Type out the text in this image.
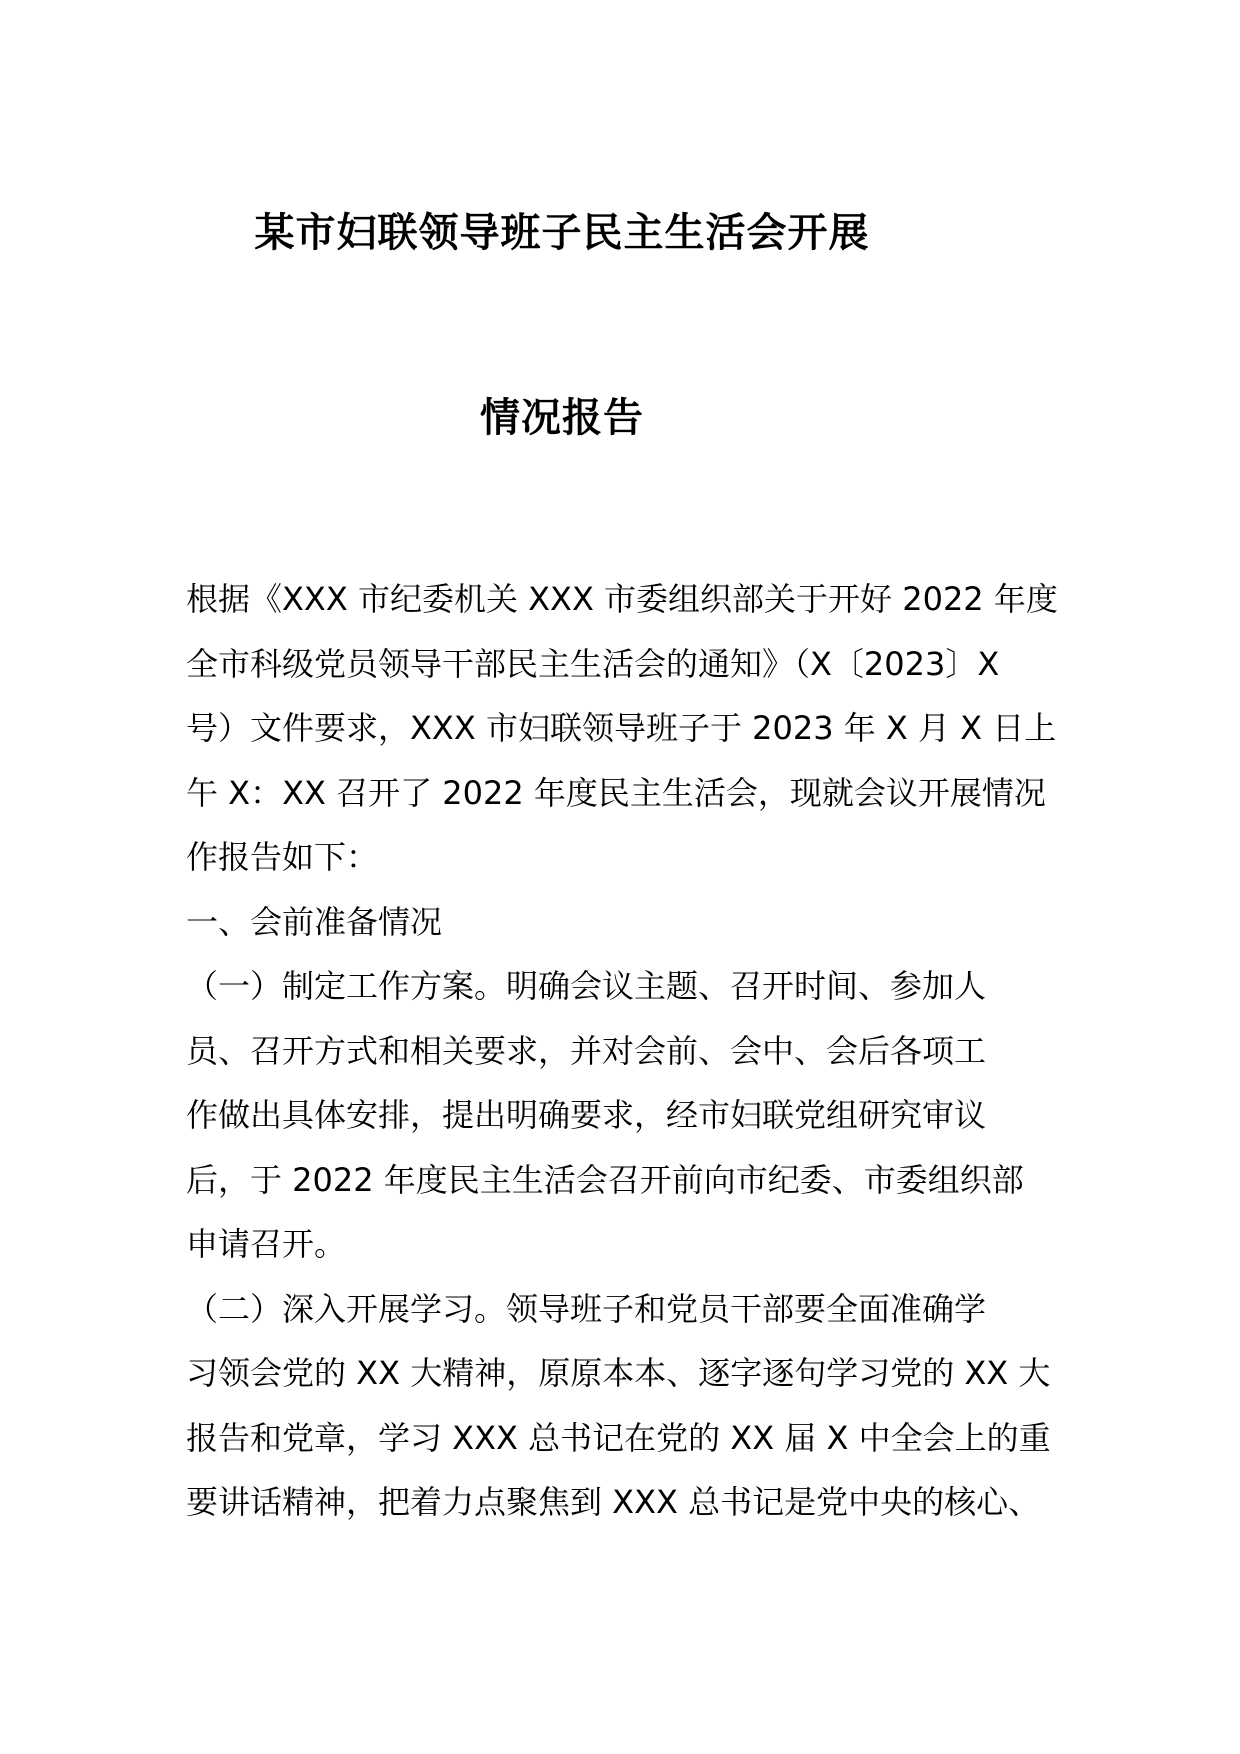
某市妇联领导班子民主生活会开展
情况报告
根据《XXX 市纪委机关 XXX 市委组织部关于开好 2022 年度
全市科级党员领导干部民主生活会的通知》（X〔2023〕X
号）文件要求，XXX 市妇联领导班子于 2023 年 X 月 X 日上
午 X：XX 召开了 2022 年度民主生活会，现就会议开展情况
作报告如下：
一、会前准备情况
（一）制定工作方案。明确会议主题、召开时间、参加人
员、召开方式和相关要求，并对会前、会中、会后各项工
作做出具体安排，提出明确要求，经市妇联党组研究审议
后，于 2022 年度民主生活会召开前向市纪委、市委组织部
申请召开。
（二）深入开展学习。领导班子和党员干部要全面准确学
习领会党的 XX 大精神，原原本本、逐字逐句学习党的 XX 大
报告和党章，学习 XXX 总书记在党的 XX 届 X 中全会上的重
要讲话精神，把着力点聚焦到 XXX 总书记是党中央的核心、
